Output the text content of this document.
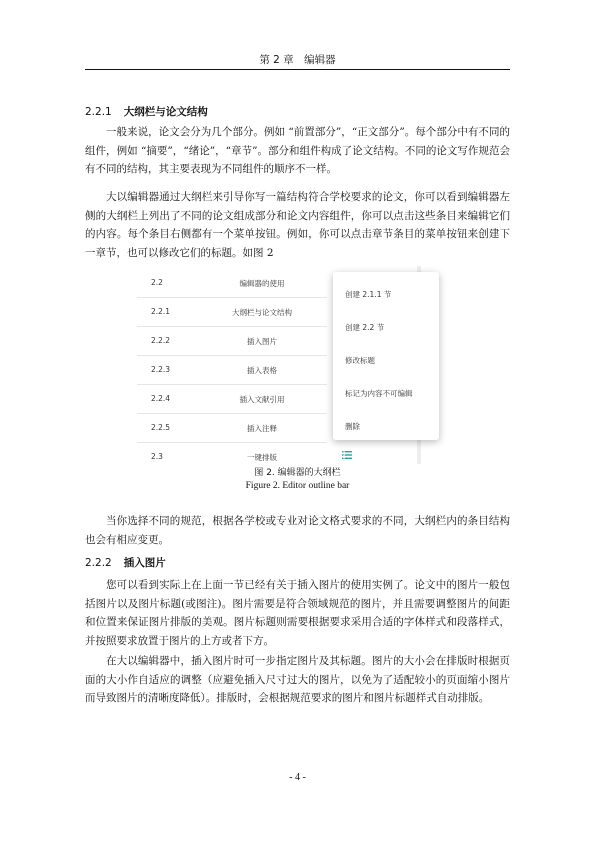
第 2 章　编辑器
2.2.1 大纲栏与论文结构

一般来说，论文会分为几个部分。例如 “前置部分”，“正文部分”。每个部分中有不同的组件，例如 “摘要”，“绪论”，“章节”。部分和组件构成了论文结构。不同的论文写作规范会有不同的结构，其主要表现为不同组件的顺序不一样。

大以编辑器通过大纲栏来引导你写一篇结构符合学校要求的论文，你可以看到编辑器左侧的大纲栏上列出了不同的论文组成部分和论文内容组件，你可以点击这些条目来编辑它们的内容。每个条目右侧都有一个菜单按钮。例如，你可以点击章节条目的菜单按钮来创建下一章节，也可以修改它们的标题。如图 2

2.2	编辑器的使用
2.2.1	大纲栏与论文结构
2.2.2	插入图片
2.2.3	插入表格
2.2.4	插入文献引用
2.2.5	插入注释
2.3	一键排版
创建 2.1.1 节
创建 2.2 节
修改标题
标记为内容不可编辑
删除
图 2. 编辑器的大纲栏
Figure 2. Editor outline bar

当你选择不同的规范，根据各学校或专业对论文格式要求的不同，大纲栏内的条目结构也会有相应变更。

2.2.2 插入图片

您可以看到实际上在上面一节已经有关于插入图片的使用实例了。论文中的图片一般包括图片以及图片标题(或图注)。图片需要是符合领域规范的图片，并且需要调整图片的间距和位置来保证图片排版的美观。图片标题则需要根据要求采用合适的字体样式和段落样式，并按照要求放置于图片的上方或者下方。

在大以编辑器中，插入图片时可一步指定图片及其标题。图片的大小会在排版时根据页面的大小作自适应的调整（应避免插入尺寸过大的图片，以免为了适配较小的页面缩小图片而导致图片的清晰度降低）。排版时，会根据规范要求的图片和图片标题样式自动排版。

- 4 -
